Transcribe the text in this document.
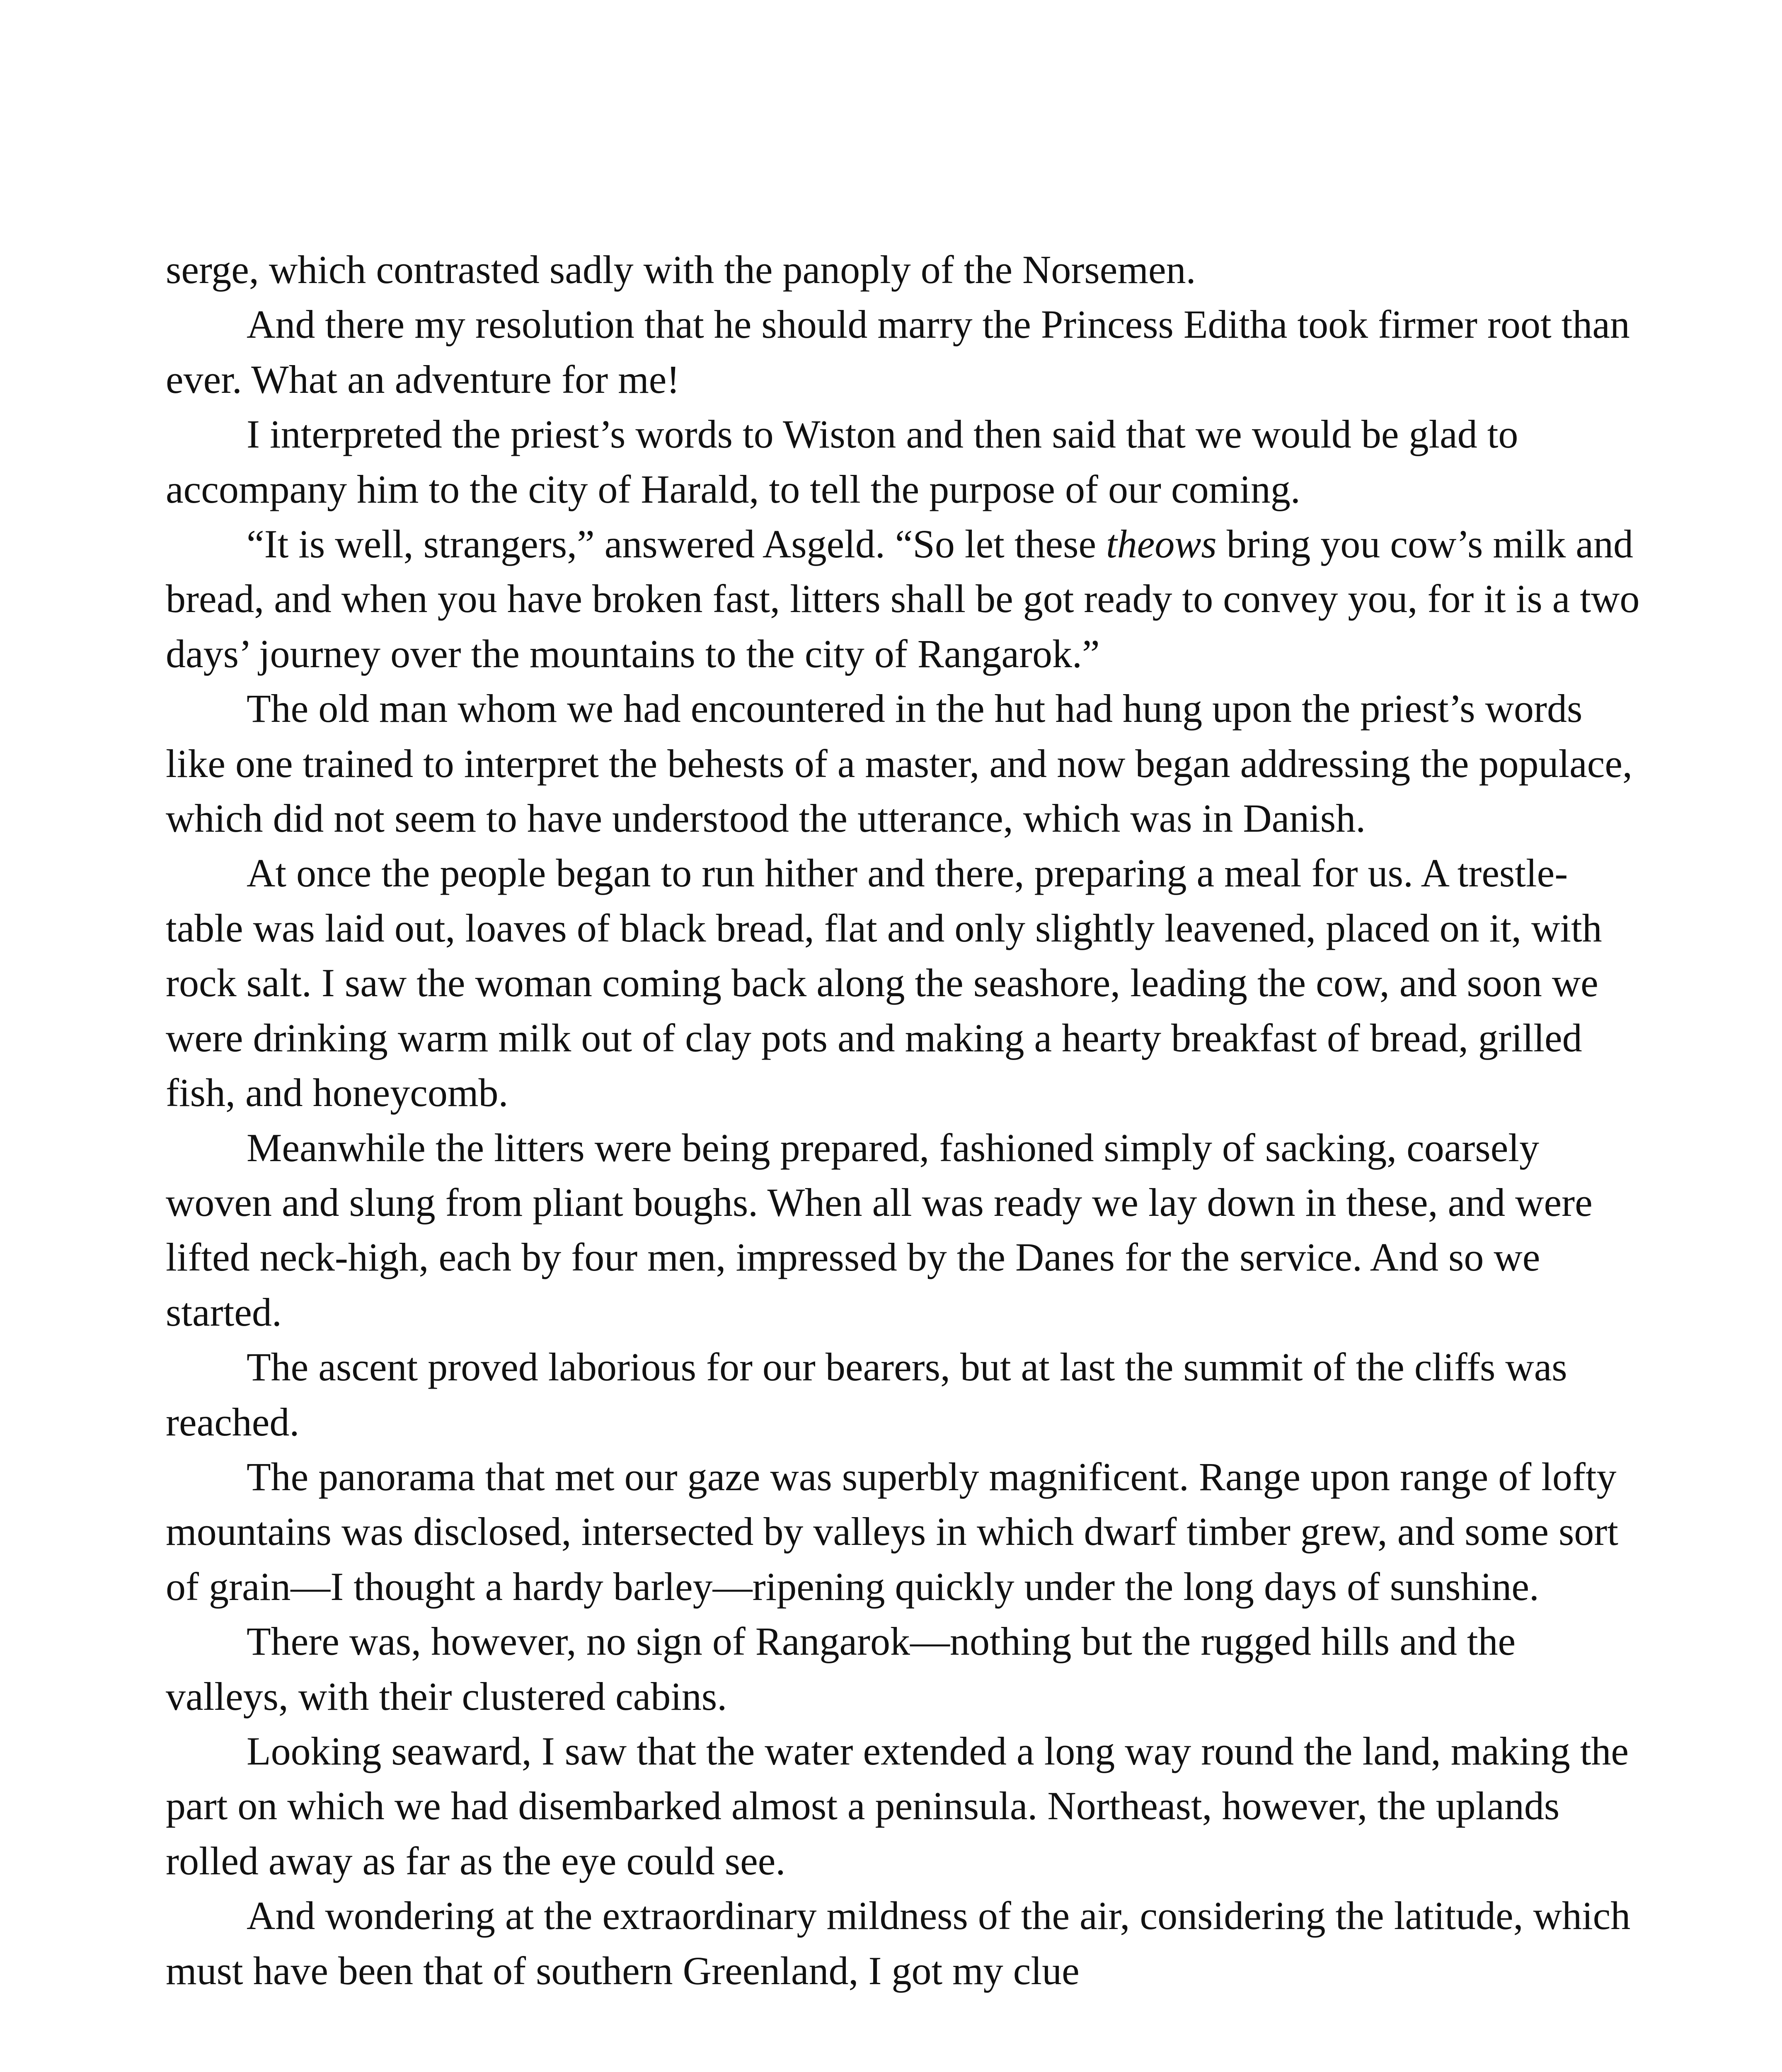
serge, which contrasted sadly with the panoply of the Norsemen.

And there my resolution that he should marry the Princess Editha took firmer root than ever. What an adventure for me!

I interpreted the priest’s words to Wiston and then said that we would be glad to accompany him to the city of Harald, to tell the purpose of our coming.

“It is well, strangers,” answered Asgeld. “So let these theows bring you cow’s milk and bread, and when you have broken fast, litters shall be got ready to convey you, for it is a two days’ journey over the mountains to the city of Rangarok.”

The old man whom we had encountered in the hut had hung upon the priest’s words like one trained to interpret the behests of a master, and now began addressing the populace, which did not seem to have understood the utterance, which was in Danish.

At once the people began to run hither and there, preparing a meal for us. A trestle-table was laid out, loaves of black bread, flat and only slightly leavened, placed on it, with rock salt. I saw the woman coming back along the seashore, leading the cow, and soon we were drinking warm milk out of clay pots and making a hearty breakfast of bread, grilled fish, and honeycomb.

Meanwhile the litters were being prepared, fashioned simply of sacking, coarsely woven and slung from pliant boughs. When all was ready we lay down in these, and were lifted neck-high, each by four men, impressed by the Danes for the service. And so we started.

The ascent proved laborious for our bearers, but at last the summit of the cliffs was reached.

The panorama that met our gaze was superbly magnificent. Range upon range of lofty mountains was disclosed, intersected by valleys in which dwarf timber grew, and some sort of grain—I thought a hardy barley—ripening quickly under the long days of sunshine.

There was, however, no sign of Rangarok—nothing but the rugged hills and the valleys, with their clustered cabins.

Looking seaward, I saw that the water extended a long way round the land, making the part on which we had disembarked almost a peninsula. Northeast, however, the uplands rolled away as far as the eye could see.

And wondering at the extraordinary mildness of the air, considering the latitude, which must have been that of southern Greenland, I got my clue
